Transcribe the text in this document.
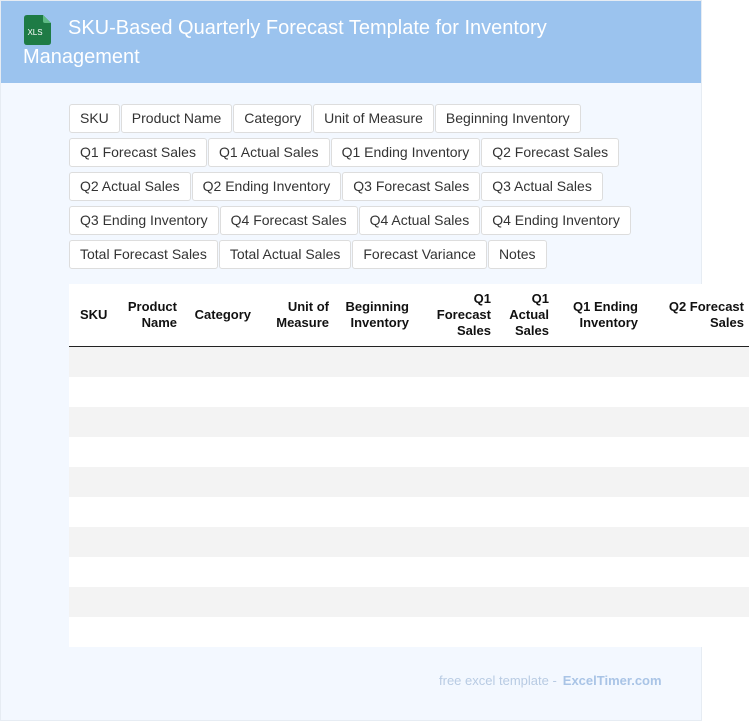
XLS	SKU-Based Quarterly Forecast Template for Inventory Management
SKU Product Name Category Unit of Measure Beginning InventoryQ1 Forecast Sales Q1 Actual Sales Q1 Ending Inventory Q2 Forecast SalesQ2 Actual Sales Q2 Ending Inventory Q3 Forecast Sales Q3 Actual SalesQ3 Ending Inventory Q4 Forecast Sales Q4 Actual Sales Q4 Ending InventoryTotal Forecast Sales Total Actual Sales Forecast Variance Notes
SKU	Product Name	Category	Unit of Measure	Beginning Inventory	Q1 Forecast Sales	Q1 Actual Sales	Q1 Ending Inventory	Q2 Forecast Sales

free excel template - ExcelTimer.com
